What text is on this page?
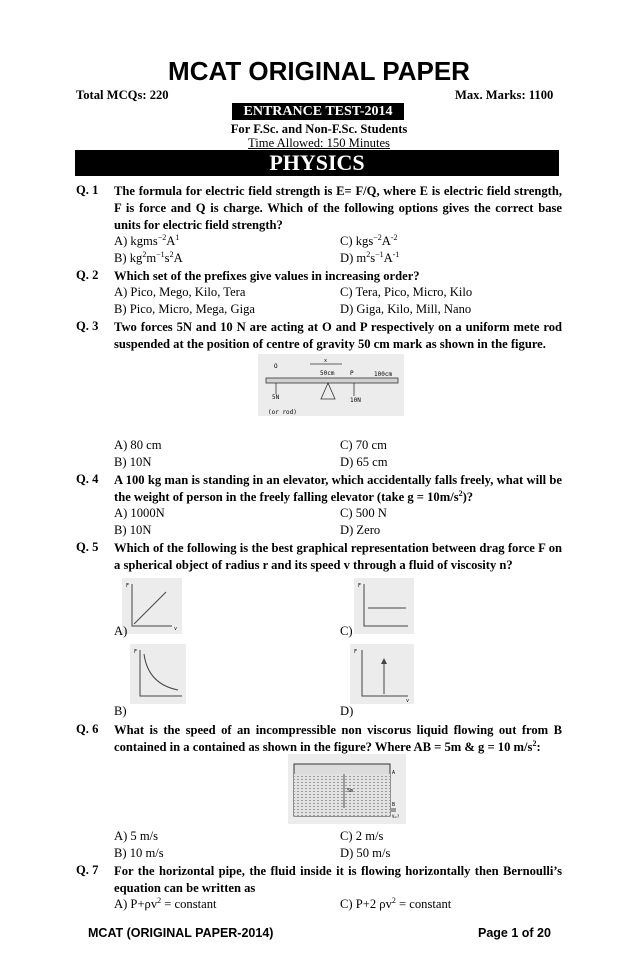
MCAT ORIGINAL PAPER
Total MCQs: 220	Max. Marks: 1100
ENTRANCE TEST-2014
For F.Sc. and Non-F.Sc. Students
Time Allowed: 150 Minutes
PHYSICS
Q. 1 The formula for electric field strength is E= F/Q, where E is electric field strength, F is force and Q is charge. Which of the following options gives the correct base units for electric field strength?
A) $kgms^{-2}A^1$	C) $kgs^{-2}A^{-2}$
B) $kg^2m^{-1}s^2A$	D) $m^2s^{-1}A^{-1}$
Q. 2 Which set of the prefixes give values in increasing order?
A) Pico, Mego, Kilo, Tera	C) Tera, Pico, Micro, Kilo
B) Pico, Micro, Mega, Giga	D) Giga, Kilo, Mill, Nano
Q. 3 Two forces 5N and 10 N are acting at O and P respectively on a uniform mete rod suspended at the position of centre of gravity 50 cm mark as shown in the figure.
O
x
50cm	P	100cm
5N	10N
(or rod)
A) 80 cm	C) 70 cm
B) 10N	D) 65 cm
Q. 4 A 100 kg man is standing in an elevator, which accidentally falls freely, what will be the weight of person in the freely falling elevator (take $g = 10m/s^2$)?
A) 1000N	C) 500 N
B) 10N	D) Zero
Q. 5 Which of the following is the best graphical representation between drag force F on a spherical object of radius r and its speed v through a fluid of viscosity n?
F
v
A)
F
C)
F
B)
F
v
D)
Q. 6 What is the speed of an incompressible non viscorus liquid flowing out from B contained in a contained as shown in the figure? Where AB = 5m & g = 10 $m/s^2$:
5m
A
B
V=?
A) 5 m/s	C) 2 m/s
B) 10 m/s	D) 50 m/s
Q. 7 For the horizontal pipe, the fluid inside it is flowing horizontally then Bernoulli’s equation can be written as
A) $P+\rho v^2$ = constant	C) P+2 $\rho v^2$ = constant
MCAT (ORIGINAL PAPER-2014)	Page 1 of 20
